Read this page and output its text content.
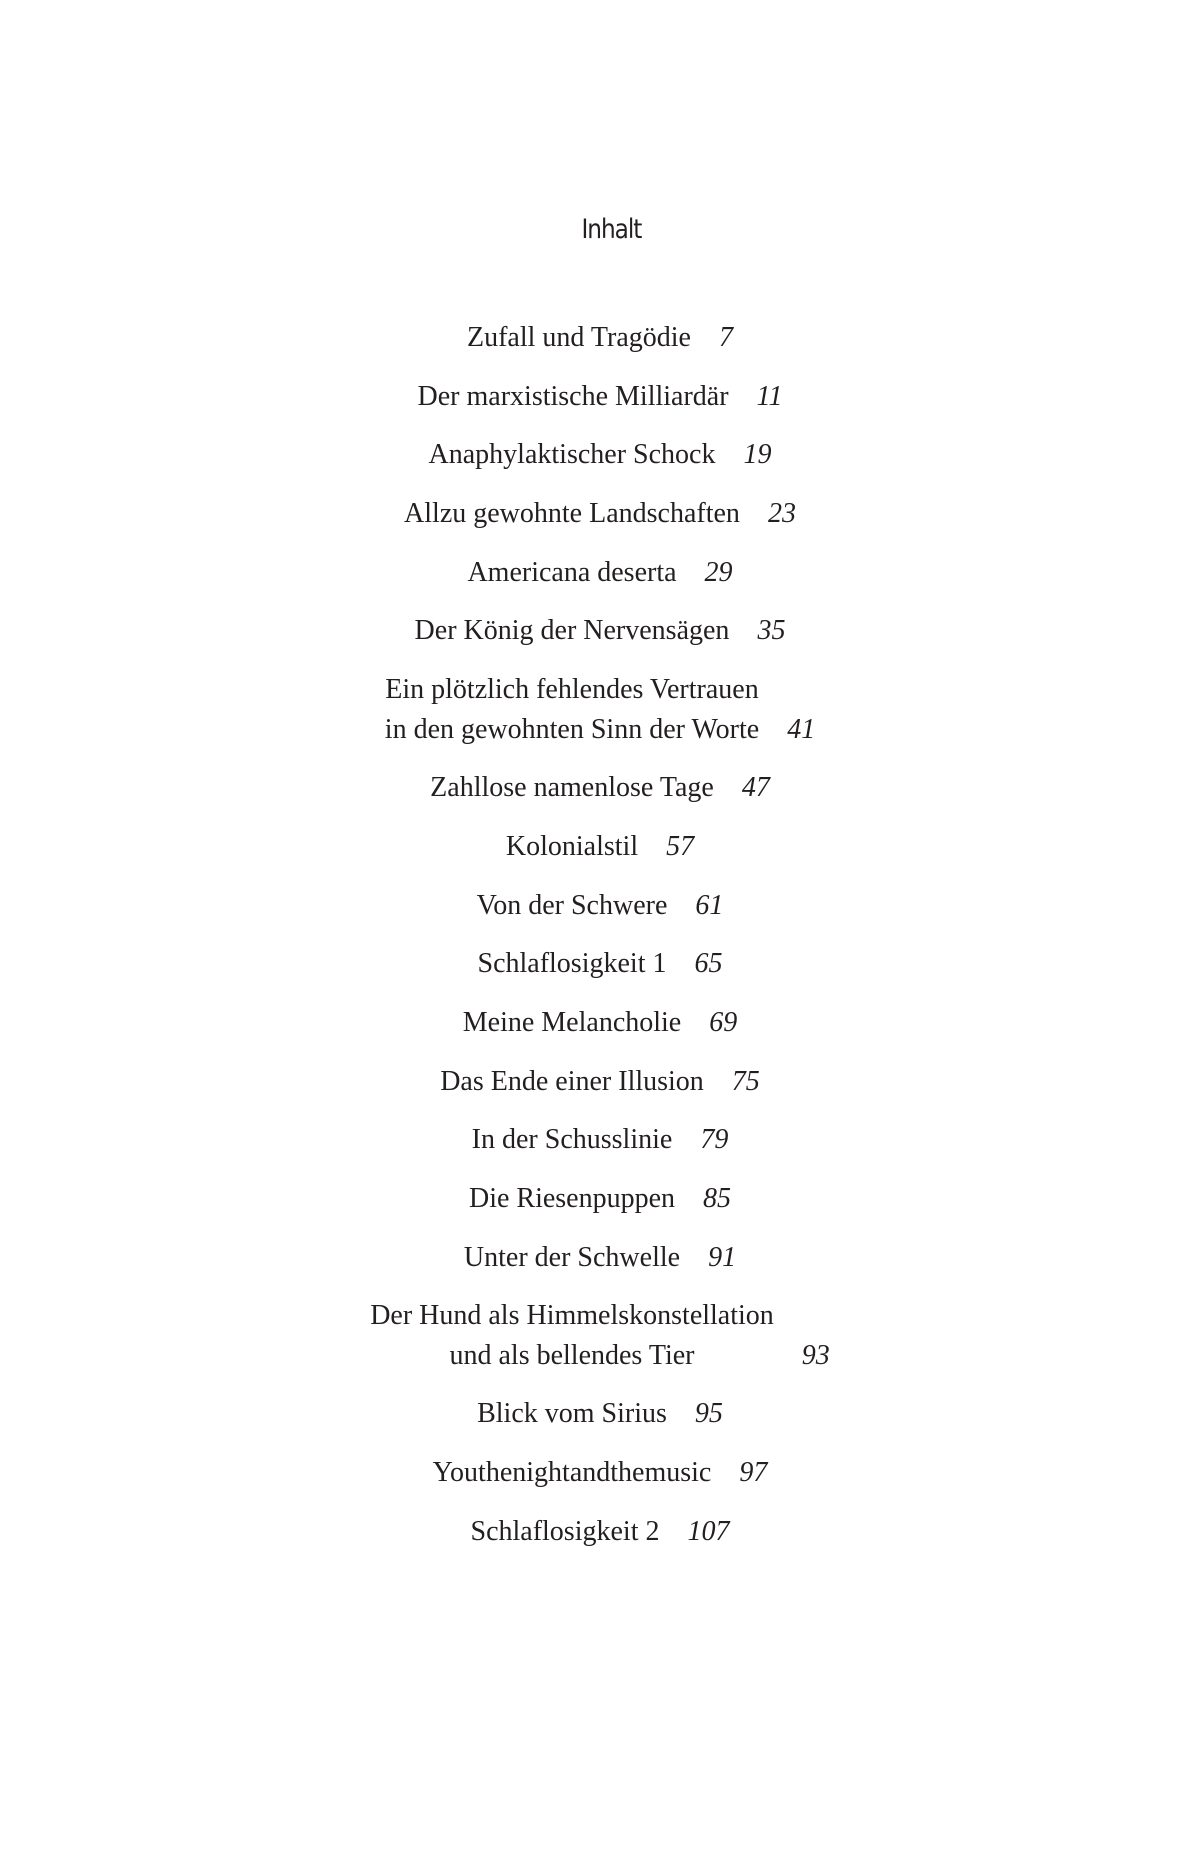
Inhalt
Zufall und Tragödie 7
Der marxistische Milliardär 11
Anaphylaktischer Schock 19
Allzu gewohnte Landschaften 23
Americana deserta 29
Der König der Nervensägen 35
Ein plötzlich fehlendes Vertrauen
in den gewohnten Sinn der Worte 41
Zahllose namenlose Tage 47
Kolonialstil 57
Von der Schwere 61
Schlaflosigkeit 1 65
Meine Melancholie 69
Das Ende einer Illusion 75
In der Schusslinie 79
Die Riesenpuppen 85
Unter der Schwelle 91
Der Hund als Himmelskonstellation
und als bellendes Tier	93
Blick vom Sirius 95
Youthenightandthemusic 97
Schlaflosigkeit 2 107
